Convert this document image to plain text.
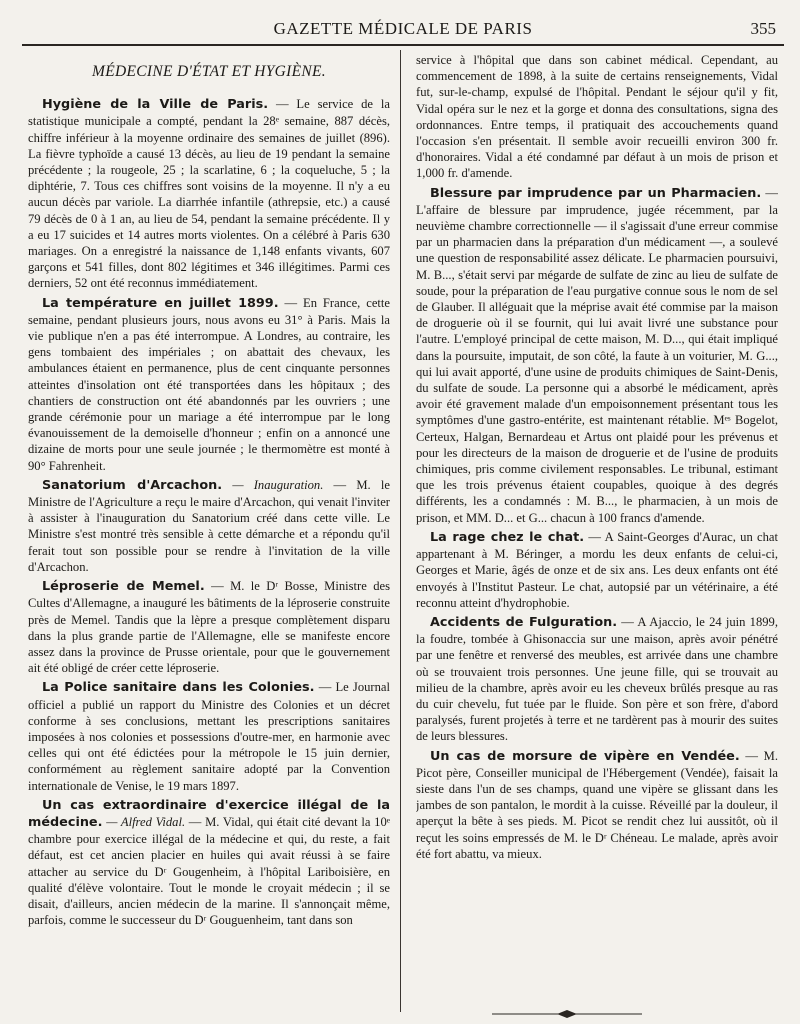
GAZETTE MÉDICALE DE PARIS	355
MÉDECINE D'ÉTAT ET HYGIÈNE.

Hygiène de la Ville de Paris. — Le service de la statistique municipale a compté, pendant la 28ᵉ semaine, 887 décès, chiffre inférieur à la moyenne ordinaire des semaines de juillet (896). La fièvre typhoïde a causé 13 décès, au lieu de 19 pendant la semaine précédente ; la rougeole, 25 ; la scarlatine, 6 ; la coqueluche, 5 ; la diphtérie, 7. Tous ces chiffres sont voisins de la moyenne. Il n'y a eu aucun décès par variole. La diarrhée infantile (athrepsie, etc.) a causé 79 décès de 0 à 1 an, au lieu de 54, pendant la semaine précédente. Il y a eu 17 suicides et 14 autres morts violentes. On a célébré à Paris 630 mariages. On a enregistré la naissance de 1,148 enfants vivants, 607 garçons et 541 filles, dont 802 légitimes et 346 illégitimes. Parmi ces derniers, 52 ont été reconnus immédiatement.

La température en juillet 1899. — En France, cette semaine, pendant plusieurs jours, nous avons eu 31° à Paris. Mais la vie publique n'en a pas été interrompue. A Londres, au contraire, les gens tombaient des impériales ; on abattait des chevaux, les ambulances étaient en permanence, plus de cent cinquante personnes atteintes d'insolation ont été transportées dans les hôpitaux ; des chantiers de construction ont été abandonnés par les ouvriers ; une grande cérémonie pour un mariage a été interrompue par le long évanouissement de la demoiselle d'honneur ; enfin on a annoncé une dizaine de morts pour une seule journée ; le thermomètre est monté à 90° Fahrenheit.

Sanatorium d'Arcachon. — Inauguration. — M. le Ministre de l'Agriculture a reçu le maire d'Arcachon, qui venait l'inviter à assister à l'inauguration du Sanatorium créé dans cette ville. Le Ministre s'est montré très sensible à cette démarche et a répondu qu'il ferait tout son possible pour se rendre à l'invitation de la ville d'Arcachon.

Léproserie de Memel. — M. le Dʳ Bosse, Ministre des Cultes d'Allemagne, a inauguré les bâtiments de la léproserie construite près de Memel. Tandis que la lèpre a presque complètement disparu dans la plus grande partie de l'Allemagne, elle se manifeste encore assez dans la province de Prusse orientale, pour que le gouvernement ait été obligé de créer cette léproserie.

La Police sanitaire dans les Colonies. — Le Journal officiel a publié un rapport du Ministre des Colonies et un décret conforme à ses conclusions, mettant les prescriptions sanitaires imposées à nos colonies et possessions d'outre-mer, en harmonie avec celles qui ont été édictées pour la métropole le 15 juin dernier, conformément au règlement sanitaire adopté par la Convention internationale de Venise, le 19 mars 1897.

Un cas extraordinaire d'exercice illégal de la médecine. — Alfred Vidal. — M. Vidal, qui était cité devant la 10ᵉ chambre pour exercice illégal de la médecine et qui, du reste, a fait défaut, est cet ancien placier en huiles qui avait réussi à se faire attacher au service du Dʳ Gougenheim, à l'hôpital Lariboisière, en qualité d'élève volontaire. Tout le monde le croyait médecin ; il se disait, d'ailleurs, ancien médecin de la marine. Il s'annonçait même, parfois, comme le successeur du Dʳ Gouguenheim, tant dans son

service à l'hôpital que dans son cabinet médical. Cependant, au commencement de 1898, à la suite de certains renseignements, Vidal fut, sur-le-champ, expulsé de l'hôpital. Pendant le séjour qu'il y fit, Vidal opéra sur le nez et la gorge et donna des consultations, signa des ordonnances. Entre temps, il pratiquait des accouchements quand l'occasion s'en présentait. Il semble avoir recueilli environ 300 fr. d'honoraires. Vidal a été condamné par défaut à un mois de prison et 1,000 fr. d'amende.

Blessure par imprudence par un Pharmacien. — L'affaire de blessure par imprudence, jugée récemment, par la neuvième chambre correctionnelle — il s'agissait d'une erreur commise par un pharmacien dans la préparation d'un médicament —, a soulevé une question de responsabilité assez délicate. Le pharmacien poursuivi, M. B..., s'était servi par mégarde de sulfate de zinc au lieu de sulfate de soude, pour la préparation de l'eau purgative connue sous le nom de sel de Glauber. Il alléguait que la méprise avait été commise par la maison de droguerie où il se fournit, qui lui avait livré une substance pour l'autre. L'employé principal de cette maison, M. D..., qui était impliqué dans la poursuite, imputait, de son côté, la faute à un voiturier, M. G..., qui lui avait apporté, d'une usine de produits chimiques de Saint-Denis, du sulfate de soude. La personne qui a absorbé le médicament, après avoir été gravement malade d'un empoisonnement présentant tous les symptômes d'une gastro-entérite, est maintenant rétablie. Mᵉˢ Bogelot, Certeux, Halgan, Bernardeau et Artus ont plaidé pour les prévenus et pour les directeurs de la maison de droguerie et de l'usine de produits chimiques, pris comme civilement responsables. Le tribunal, estimant que les trois prévenus étaient coupables, quoique à des degrés différents, les a condamnés : M. B..., le pharmacien, à un mois de prison, et MM. D... et G... chacun à 100 francs d'amende.

La rage chez le chat. — A Saint-Georges d'Aurac, un chat appartenant à M. Béringer, a mordu les deux enfants de celui-ci, Georges et Marie, âgés de onze et de six ans. Les deux enfants ont été envoyés à l'Institut Pasteur. Le chat, autopsié par un vétérinaire, a été reconnu atteint d'hydrophobie.

Accidents de Fulguration. — A Ajaccio, le 24 juin 1899, la foudre, tombée à Ghisonaccia sur une maison, après avoir pénétré par une fenêtre et renversé des meubles, est arrivée dans une chambre où se trouvaient trois personnes. Une jeune fille, qui se trouvait au milieu de la chambre, après avoir eu les cheveux brûlés presque au ras du cuir chevelu, fut tuée par le fluide. Son père et son frère, d'abord paralysés, furent projetés à terre et ne tardèrent pas à mourir des suites de leurs blessures.

Un cas de morsure de vipère en Vendée. — M. Picot père, Conseiller municipal de l'Hébergement (Vendée), faisait la sieste dans l'un de ses champs, quand une vipère se glissant dans les jambes de son pantalon, le mordit à la cuisse. Réveillé par la douleur, il aperçut la bête à ses pieds. M. Picot se rendit chez lui aussitôt, où il reçut les soins empressés de M. le Dʳ Chéneau. Le malade, après avoir été fort abattu, va mieux.
